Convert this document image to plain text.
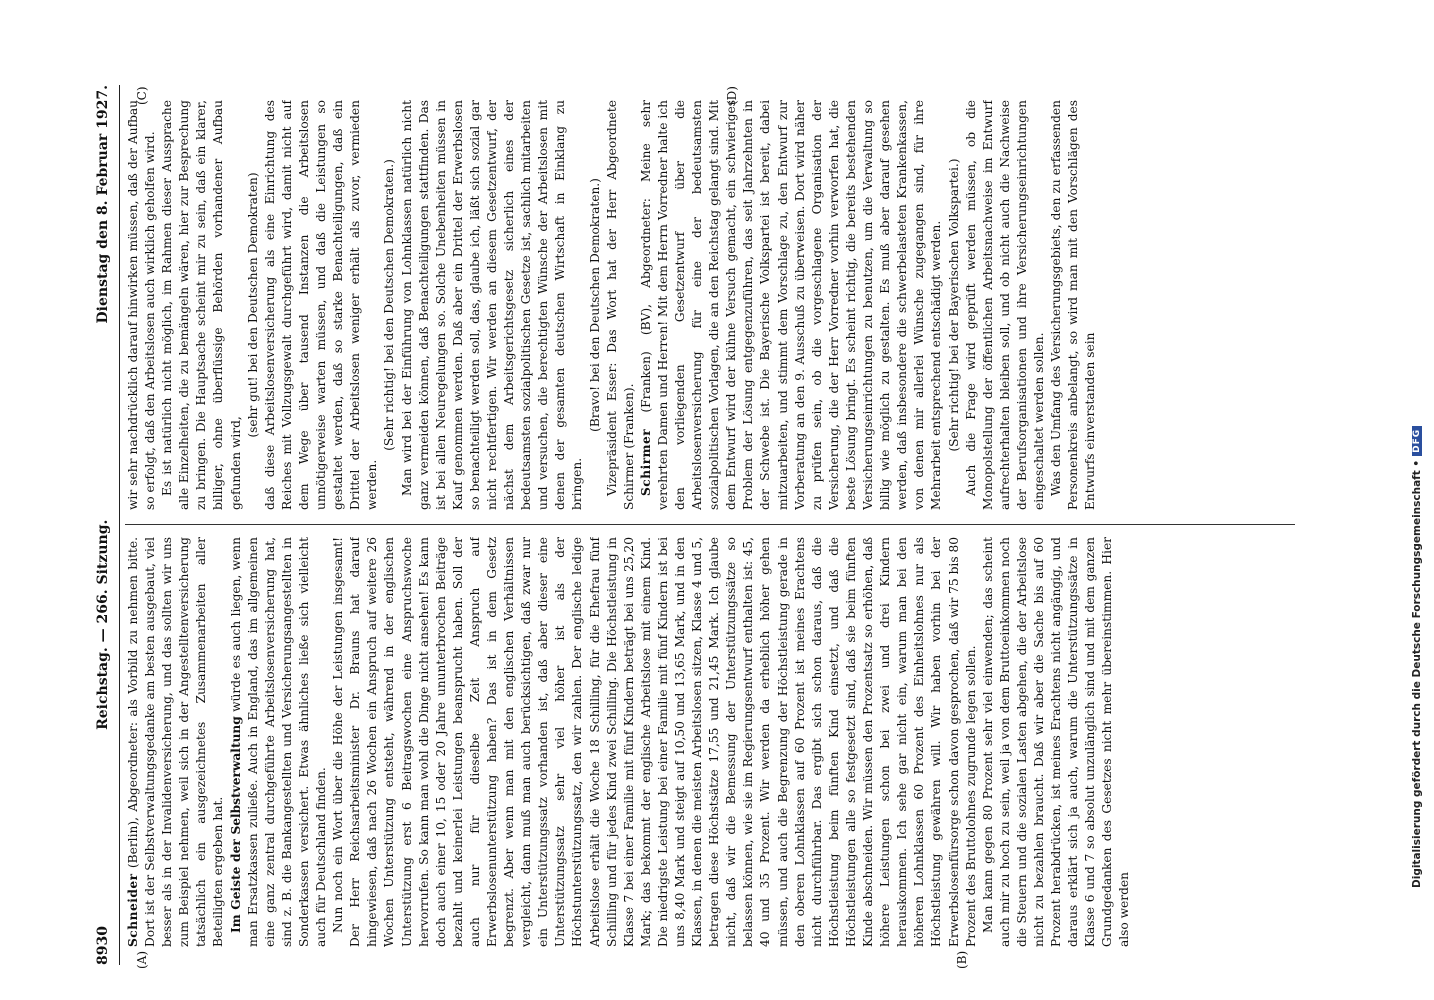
8930
Reichstag. — 266. Sitzung.
Dienstag den 8. Februar 1927.

Schneider (Berlin), Abgeordneter: als Vorbild zu nehmen bitte. Dort ist der Selbstverwaltungsgedanke am besten ausgebaut, viel besser als in der Invalidenversicherung, und das sollten wir uns zum Beispiel nehmen, weil sich in der Angestelltenversicherung tatsächlich ein ausgezeichnetes Zusammenarbeiten aller Beteiligten ergeben hat. Im Geiste der Selbstverwaltung würde es auch liegen, wenn man Ersatzkassen zuließe. Auch in England, das im allgemeinen eine ganz zentral durchgeführte Arbeitslosenversicherung hat, sind z. B. die Bankangestellten und Versicherungsangestellten in Sonderkassen versichert. Etwas ähnliches ließe sich vielleicht auch für Deutschland finden. Nun noch ein Wort über die Höhe der Leistungen insgesamt! Der Herr Reichsarbeitsminister Dr. Brauns hat darauf hingewiesen, daß nach 26 Wochen ein Anspruch auf weitere 26 Wochen Unterstützung entsteht, während in der englischen Unterstützung erst 6 Beitragswochen eine Anspruchswoche hervorrufen. So kann man wohl die Dinge nicht ansehen! Es kann doch auch einer 10, 15 oder 20 Jahre ununterbrochen Beiträge bezahlt und keinerlei Leistungen beansprucht haben. Soll der auch nur für dieselbe Zeit Anspruch auf Erwerbslosenunterstützung haben? Das ist in dem Gesetz begrenzt. Aber wenn man mit den englischen Verhältnissen vergleicht, dann muß man auch berücksichtigen, daß zwar nur ein Unterstützungssatz vorhanden ist, daß aber dieser eine Unterstützungssatz sehr viel höher ist als der Höchstunterstützungssatz, den wir zahlen. Der englische ledige Arbeitslose erhält die Woche 18 Schilling, für die Ehefrau fünf Schilling und für jedes Kind zwei Schilling. Die Höchstleistung in Klasse 7 bei einer Familie mit fünf Kindern beträgt bei uns 25,20 Mark; das bekommt der englische Arbeitslose mit einem Kind. Die niedrigste Leistung bei einer Familie mit fünf Kindern ist bei uns 8,40 Mark und steigt auf 10,50 und 13,65 Mark, und in den Klassen, in denen die meisten Arbeitslosen sitzen, Klasse 4 und 5, betragen diese Höchstsätze 17,55 und 21,45 Mark. Ich glaube nicht, daß wir die Bemessung der Unterstützungssätze so belassen können, wie sie im Regierungsentwurf enthalten ist: 45, 40 und 35 Prozent. Wir werden da erheblich höher gehen müssen, und auch die Begrenzung der Höchstleistung gerade in den oberen Lohnklassen auf 60 Prozent ist meines Erachtens nicht durchführbar. Das ergibt sich schon daraus, daß die Höchstleistung beim fünften Kind einsetzt, und daß die Höchstleistungen alle so festgesetzt sind, daß sie beim fünften Kinde abschneiden. Wir müssen den Prozentsatz so erhöhen, daß höhere Leistungen schon bei zwei und drei Kindern herauskommen. Ich sehe gar nicht ein, warum man bei den höheren Lohnklassen 60 Prozent des Einheitslohnes nur als Höchstleistung gewähren will. Wir haben vorhin bei der Erwerbslosenfürsorge schon davon gesprochen, daß wir 75 bis 80 Prozent des Bruttolohnes zugrunde legen sollen. Man kann gegen 80 Prozent sehr viel einwenden; das scheint auch mir zu hoch zu sein, weil ja von dem Bruttoeinkommen noch die Steuern und die sozialen Lasten abgehen, die der Arbeitslose nicht zu bezahlen braucht. Daß wir aber die Sache bis auf 60 Prozent herabdrücken, ist meines Erachtens nicht angängig, und daraus erklärt sich ja auch, warum die Unterstützungssätze in Klasse 6 und 7 so absolut unzulänglich sind und mit dem ganzen Grundgedanken des Gesetzes nicht mehr übereinstimmen. Hier also werden

wir sehr nachdrücklich darauf hinwirken müssen, daß der Aufbau so erfolgt, daß den Arbeitslosen auch wirklich geholfen wird. Es ist natürlich nicht möglich, im Rahmen dieser Aussprache alle Einzelheiten, die zu bemängeln wären, hier zur Besprechung zu bringen. Die Hauptsache scheint mir zu sein, daß ein klarer, billiger, ohne überflüssige Behörden vorhandener Aufbau gefunden wird,

(sehr gut! bei den Deutschen Demokraten) daß diese Arbeitslosenversicherung als eine Einrichtung des Reiches mit Vollzugsgewalt durchgeführt wird, damit nicht auf dem Wege über tausend Instanzen die Arbeitslosen unnötigerweise warten müssen, und daß die Leistungen so gestaltet werden, daß so starke Benachteiligungen, daß ein Drittel der Arbeitslosen weniger erhält als zuvor, vermieden werden.

(Sehr richtig! bei den Deutschen Demokraten.) Man wird bei der Einführung von Lohnklassen natürlich nicht ganz vermeiden können, daß Benachteiligungen stattfinden. Das ist bei allen Neuregelungen so. Solche Unebenheiten müssen in Kauf genommen werden. Daß aber ein Drittel der Erwerbslosen so benachteiligt werden soll, das, glaube ich, läßt sich sozial gar nicht rechtfertigen. Wir werden an diesem Gesetzentwurf, der nächst dem Arbeitsgerichtsgesetz sicherlich eines der bedeutsamsten sozialpolitischen Gesetze ist, sachlich mitarbeiten und versuchen, die berechtigten Wünsche der Arbeitslosen mit denen der gesamten deutschen Wirtschaft in Einklang zu bringen.

(Bravo! bei den Deutschen Demokraten.) Vizepräsident Esser: Das Wort hat der Herr Abgeordnete Schirmer (Franken). Schirmer (Franken) (BV), Abgeordneter: Meine sehr verehrten Damen und Herren! Mit dem Herrn Vorredner halte ich den vorliegenden Gesetzentwurf über die Arbeitslosenversicherung für eine der bedeutsamsten sozialpolitischen Vorlagen, die an den Reichstag gelangt sind. Mit dem Entwurf wird der kühne Versuch gemacht, ein schwieriges Problem der Lösung entgegenzuführen, das seit Jahrzehnten in der Schwebe ist. Die Bayerische Volkspartei ist bereit, dabei mitzuarbeiten, und stimmt dem Vorschlage zu, den Entwurf zur Vorberatung an den 9. Ausschuß zu überweisen. Dort wird näher zu prüfen sein, ob die vorgeschlagene Organisation der Versicherung, die der Herr Vorredner vorhin verworfen hat, die beste Lösung bringt. Es scheint richtig, die bereits bestehenden Versicherungseinrichtungen zu benutzen, um die Verwaltung so billig wie möglich zu gestalten. Es muß aber darauf gesehen werden, daß insbesondere die schwerbelasteten Krankenkassen, von denen mir allerlei Wünsche zugegangen sind, für ihre Mehrarbeit entsprechend entschädigt werden. (Sehr richtig! bei der Bayerischen Volkspartei.) Auch die Frage wird geprüft werden müssen, ob die Monopolstellung der öffentlichen Arbeitsnachweise im Entwurf aufrechterhalten bleiben soll, und ob nicht auch die Nachweise der Berufsorganisationen und ihre Versicherungseinrichtungen eingeschaltet werden sollen. Was den Umfang des Versicherungsgebiets, den zu erfassenden Personenkreis anbelangt, so wird man mit den Vorschlägen des Entwurfs einverstanden sein

(A)	(B)
(C)	(D)
Digitalisierung gefördert durch die Deutsche Forschungsgemeinschaft •
DFG
